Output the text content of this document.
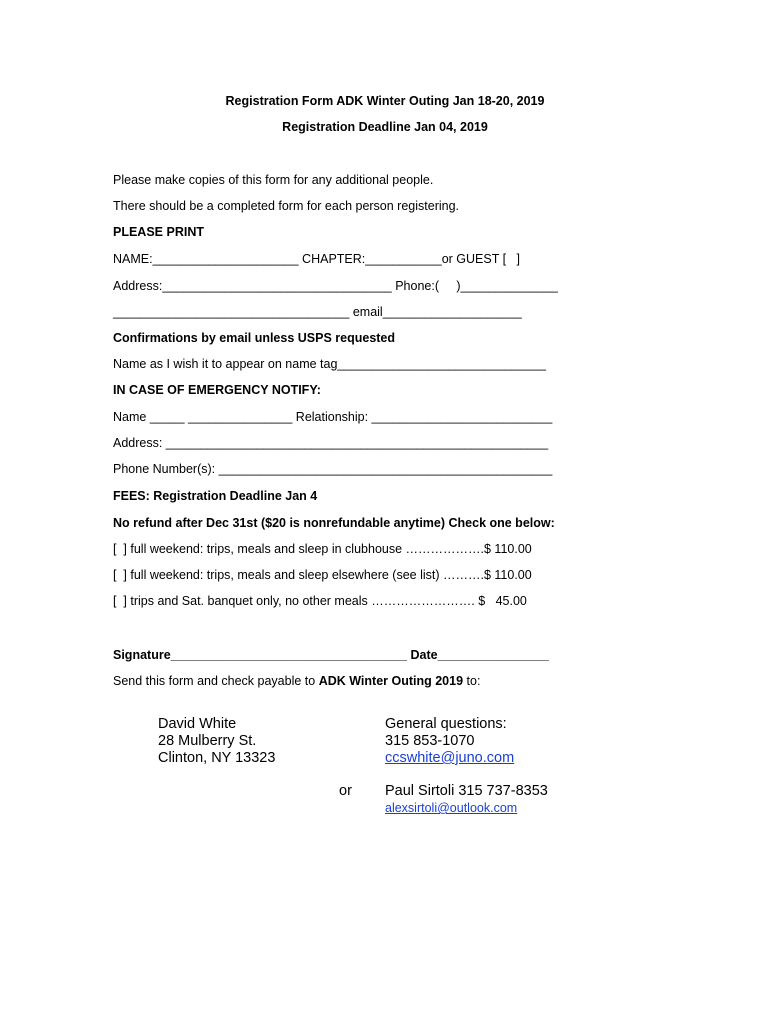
Registration Form ADK Winter Outing Jan 18-20, 2019
Registration Deadline Jan 04, 2019
Please make copies of this form for any additional people.
There should be a completed form for each person registering.
PLEASE PRINT
NAME:_____________________ CHAPTER:___________or GUEST [   ]
Address:_________________________________ Phone:(     )______________
__________________________________ email____________________
Confirmations by email unless USPS requested
Name as I wish it to appear on name tag______________________________
IN CASE OF EMERGENCY NOTIFY:
Name _____ _______________ Relationship: __________________________
Address: _______________________________________________________
Phone Number(s): ________________________________________________
FEES: Registration Deadline Jan 4
No refund after Dec 31st ($20 is nonrefundable anytime) Check one below:
[  ] full weekend: trips, meals and sleep in clubhouse ……………….$ 110.00
[  ] full weekend: trips, meals and sleep elsewhere (see list) ……….$ 110.00
[  ] trips and Sat. banquet only, no other meals ……………………. $   45.00
Signature__________________________________ Date________________
Send this form and check payable to ADK Winter Outing 2019 to:
David White
28 Mulberry St.
Clinton, NY 13323
General questions:
315 853-1070
ccswhite@juno.com
or Paul Sirtoli 315 737-8353
alexsirtoli@outlook.com
